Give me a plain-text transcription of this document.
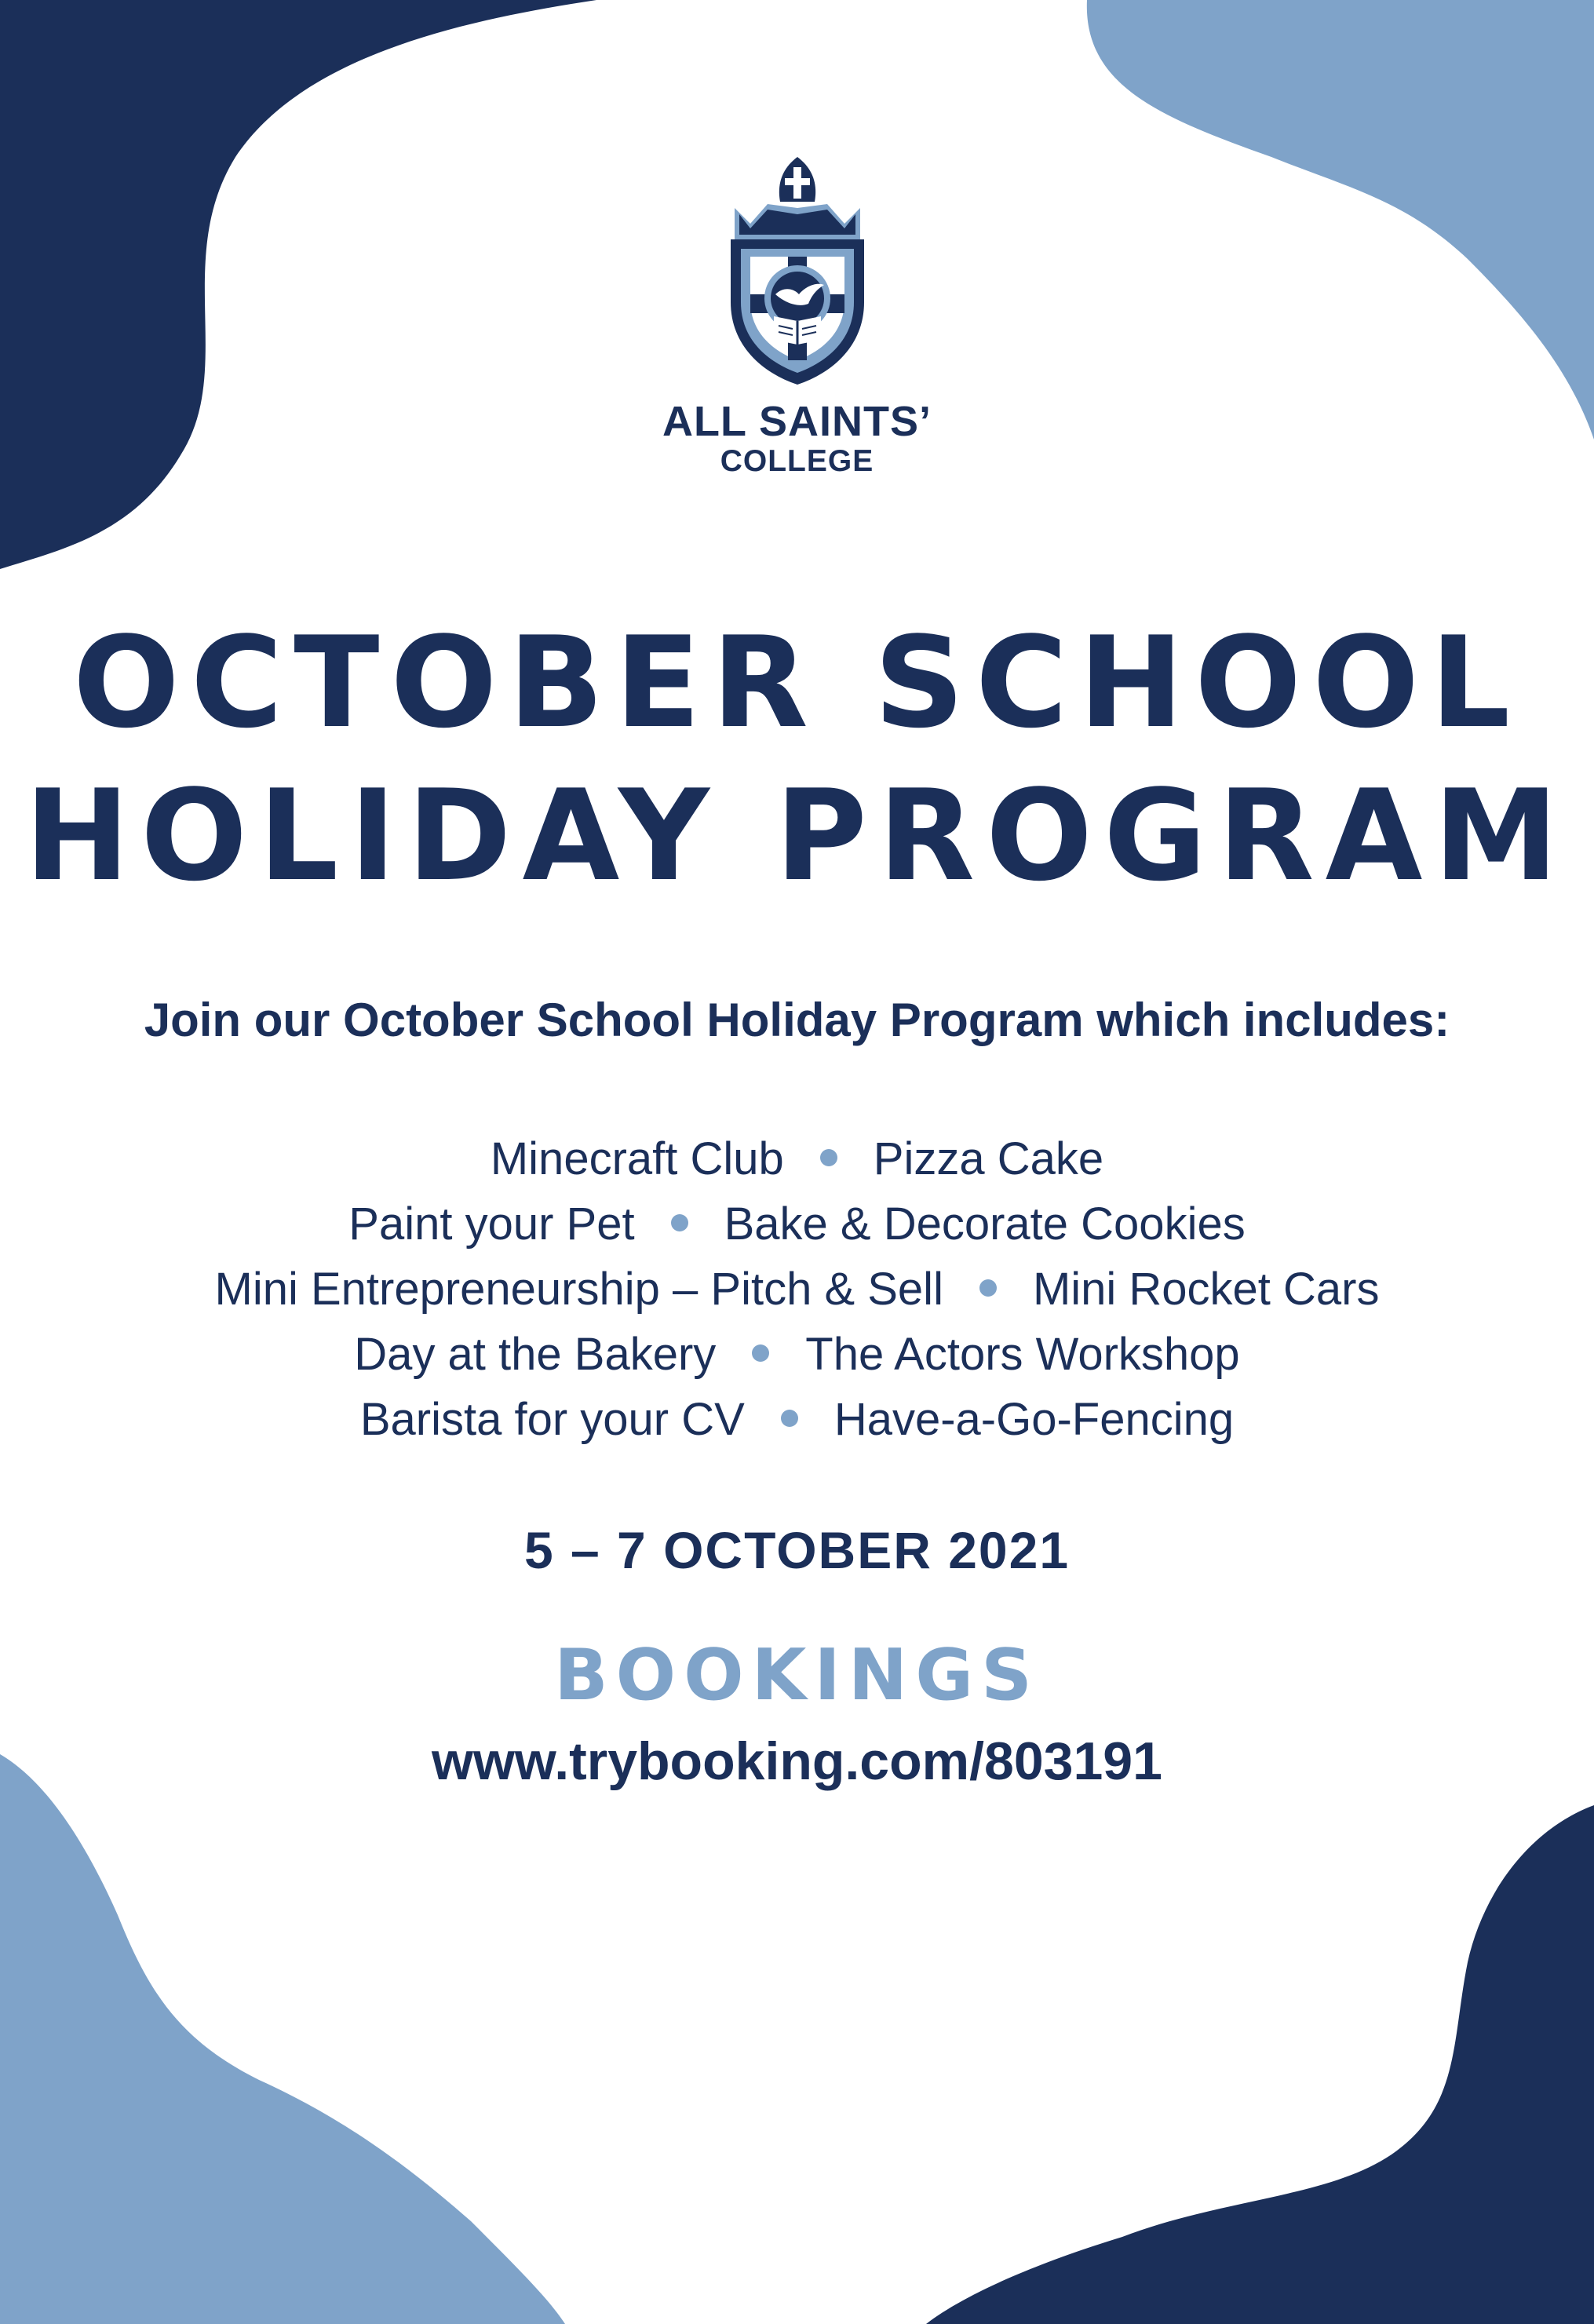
ALL SAINTS’
COLLEGE
OCTOBER SCHOOL
HOLIDAY PROGRAM
Join our October School Holiday Program which includes:
Minecraft Club Pizza Cake
Paint your Pet Bake & Decorate Cookies
Mini Entrepreneurship – Pitch & Sell Mini Rocket Cars
Day at the Bakery The Actors Workshop
Barista for your CV Have-a-Go-Fencing
5 – 7 OCTOBER 2021
BOOKINGS
www.trybooking.com/803191
